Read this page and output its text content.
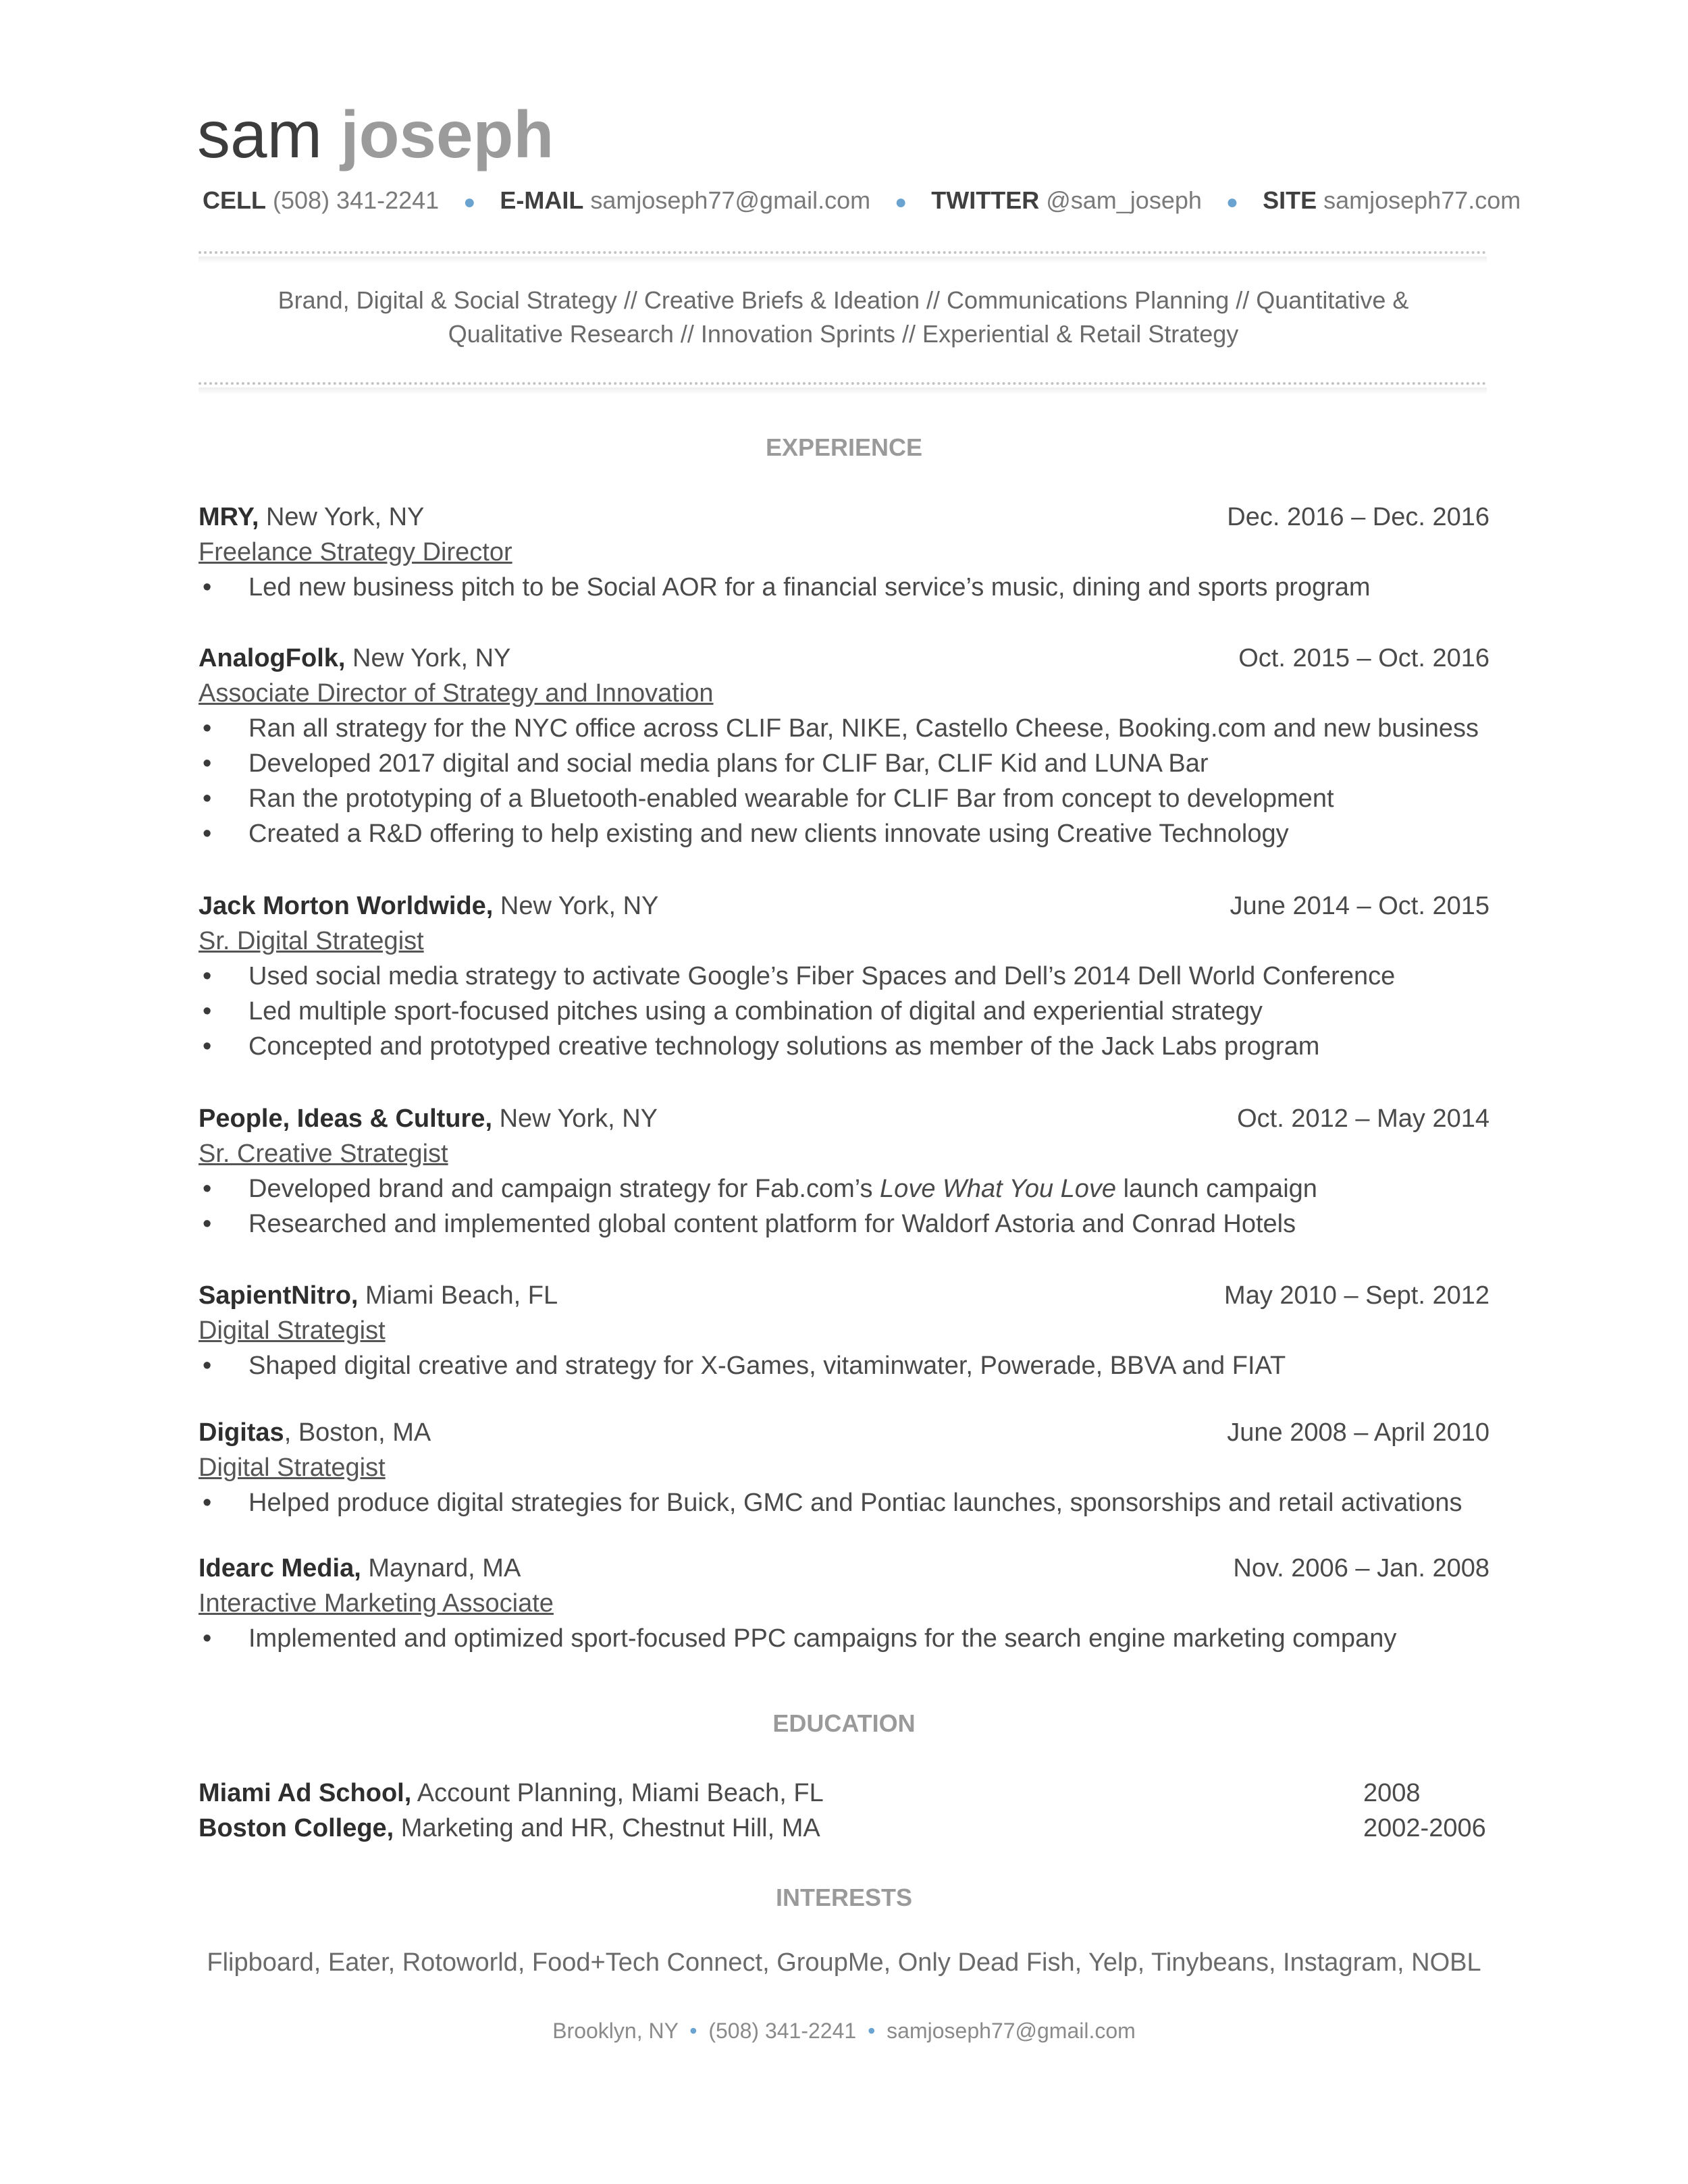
sam joseph
CELL (508) 341-2241 ● E-MAIL samjoseph77@gmail.com ● TWITTER @sam_joseph ● SITE samjoseph77.com
Brand, Digital & Social Strategy // Creative Briefs & Ideation // Communications Planning // Quantitative &
Qualitative Research // Innovation Sprints // Experiential & Retail Strategy
EXPERIENCE
MRY, New York, NY	Dec. 2016 – Dec. 2016
Freelance Strategy Director
• Led new business pitch to be Social AOR for a financial service’s music, dining and sports program
AnalogFolk, New York, NY	Oct. 2015 – Oct. 2016
Associate Director of Strategy and Innovation
• Ran all strategy for the NYC office across CLIF Bar, NIKE, Castello Cheese, Booking.com and new business
• Developed 2017 digital and social media plans for CLIF Bar, CLIF Kid and LUNA Bar
• Ran the prototyping of a Bluetooth-enabled wearable for CLIF Bar from concept to development
• Created a R&D offering to help existing and new clients innovate using Creative Technology
Jack Morton Worldwide, New York, NY	June 2014 – Oct. 2015
Sr. Digital Strategist
• Used social media strategy to activate Google’s Fiber Spaces and Dell’s 2014 Dell World Conference
• Led multiple sport-focused pitches using a combination of digital and experiential strategy
• Concepted and prototyped creative technology solutions as member of the Jack Labs program
People, Ideas & Culture, New York, NY	Oct. 2012 – May 2014
Sr. Creative Strategist
• Developed brand and campaign strategy for Fab.com’s Love What You Love launch campaign
• Researched and implemented global content platform for Waldorf Astoria and Conrad Hotels
SapientNitro, Miami Beach, FL	May 2010 – Sept. 2012
Digital Strategist
• Shaped digital creative and strategy for X-Games, vitaminwater, Powerade, BBVA and FIAT
Digitas, Boston, MA	June 2008 – April 2010
Digital Strategist
• Helped produce digital strategies for Buick, GMC and Pontiac launches, sponsorships and retail activations
Idearc Media, Maynard, MA	Nov. 2006 – Jan. 2008
Interactive Marketing Associate
• Implemented and optimized sport-focused PPC campaigns for the search engine marketing company
EDUCATION
Miami Ad School, Account Planning, Miami Beach, FL	2008
Boston College, Marketing and HR, Chestnut Hill, MA	2002-2006
INTERESTS
Flipboard, Eater, Rotoworld, Food+Tech Connect, GroupMe, Only Dead Fish, Yelp, Tinybeans, Instagram, NOBL
Brooklyn, NY • (508) 341-2241 • samjoseph77@gmail.com
